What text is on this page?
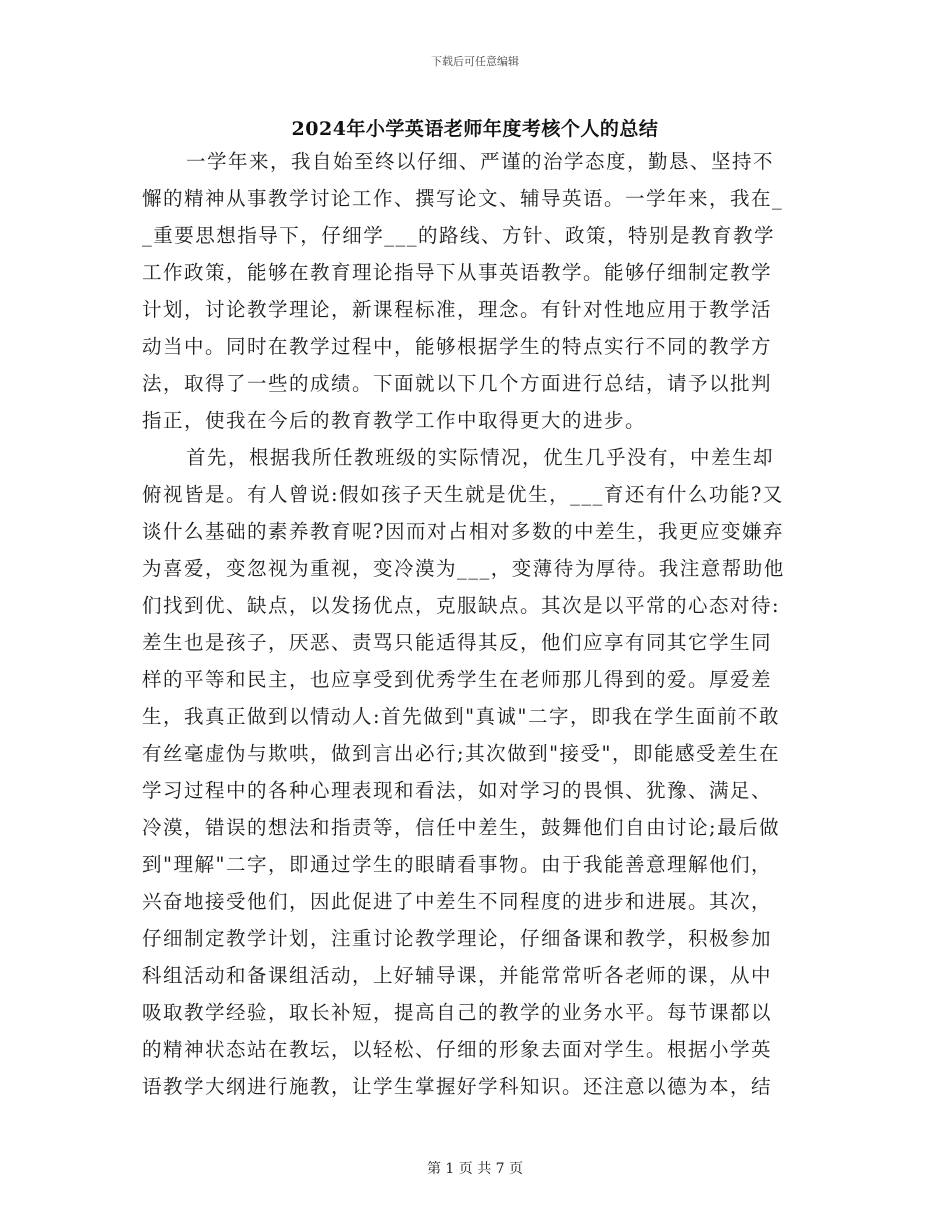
下载后可任意编辑
2024年小学英语老师年度考核个人的总结
一学年来，我自始至终以仔细、严谨的治学态度，勤恳、坚持不
懈的精神从事教学讨论工作、撰写论文、辅导英语。一学年来，我在_
_重要思想指导下，仔细学___的路线、方针、政策，特别是教育教学
工作政策，能够在教育理论指导下从事英语教学。能够仔细制定教学
计划，讨论教学理论，新课程标准，理念。有针对性地应用于教学活
动当中。同时在教学过程中，能够根据学生的特点实行不同的教学方
法，取得了一些的成绩。下面就以下几个方面进行总结，请予以批判
指正，使我在今后的教育教学工作中取得更大的进步。
首先，根据我所任教班级的实际情况，优生几乎没有，中差生却
俯视皆是。有人曾说:假如孩子天生就是优生，___育还有什么功能?又
谈什么基础的素养教育呢?因而对占相对多数的中差生，我更应变嫌弃
为喜爱，变忽视为重视，变冷漠为___，变薄待为厚待。我注意帮助他
们找到优、缺点，以发扬优点，克服缺点。其次是以平常的心态对待:
差生也是孩子，厌恶、责骂只能适得其反，他们应享有同其它学生同
样的平等和民主，也应享受到优秀学生在老师那儿得到的爱。厚爱差
生，我真正做到以情动人:首先做到"真诚"二字，即我在学生面前不敢
有丝毫虚伪与欺哄，做到言出必行;其次做到"接受"，即能感受差生在
学习过程中的各种心理表现和看法，如对学习的畏惧、犹豫、满足、
冷漠，错误的想法和指责等，信任中差生，鼓舞他们自由讨论;最后做
到"理解"二字，即通过学生的眼睛看事物。由于我能善意理解他们，
兴奋地接受他们，因此促进了中差生不同程度的进步和进展。其次，
仔细制定教学计划，注重讨论教学理论，仔细备课和教学，积极参加
科组活动和备课组活动，上好辅导课，并能常常听各老师的课，从中
吸取教学经验，取长补短，提高自己的教学的业务水平。每节课都以
的精神状态站在教坛，以轻松、仔细的形象去面对学生。根据小学英
语教学大纲进行施教，让学生掌握好学科知识。还注意以德为本，结
第 1 页 共 7 页
